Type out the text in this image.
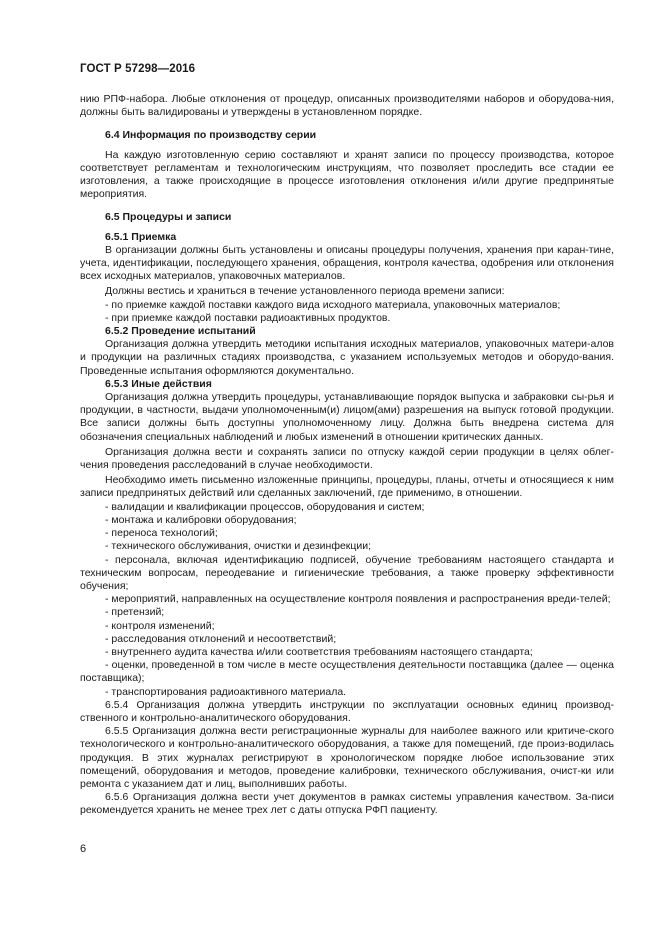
ГОСТ Р 57298—2016

нию РПФ-набора. Любые отклонения от процедур, описанных производителями наборов и оборудова-ния, должны быть валидированы и утверждены в установленном порядке.

6.4 Информация по производству серии

На каждую изготовленную серию составляют и хранят записи по процессу производства, которое соответствует регламентам и технологическим инструкциям, что позволяет проследить все стадии ее изготовления, а также происходящие в процессе изготовления отклонения и/или другие предпринятые мероприятия.

6.5 Процедуры и записи

6.5.1 Приемка

В организации должны быть установлены и описаны процедуры получения, хранения при каран-тине, учета, идентификации, последующего хранения, обращения, контроля качества, одобрения или отклонения всех исходных материалов, упаковочных материалов.

Должны вестись и храниться в течение установленного периода времени записи:

- по приемке каждой поставки каждого вида исходного материала, упаковочных материалов;

- при приемке каждой поставки радиоактивных продуктов.

6.5.2 Проведение испытаний

Организация должна утвердить методики испытания исходных материалов, упаковочных матери-алов и продукции на различных стадиях производства, с указанием используемых методов и оборудо-вания. Проведенные испытания оформляются документально.

6.5.3 Иные действия

Организация должна утвердить процедуры, устанавливающие порядок выпуска и забраковки сы-рья и продукции, в частности, выдачи уполномоченным(и) лицом(ами) разрешения на выпуск готовой продукции. Все записи должны быть доступны уполномоченному лицу. Должна быть внедрена система для обозначения специальных наблюдений и любых изменений в отношении критических данных.

Организация должна вести и сохранять записи по отпуску каждой серии продукции в целях облег-чения проведения расследований в случае необходимости.

Необходимо иметь письменно изложенные принципы, процедуры, планы, отчеты и относящиеся к ним записи предпринятых действий или сделанных заключений, где применимо, в отношении.

- валидации и квалификации процессов, оборудования и систем;

- монтажа и калибровки оборудования;

- переноса технологий;

- технического обслуживания, очистки и дезинфекции;

- персонала, включая идентификацию подписей, обучение требованиям настоящего стандарта и техническим вопросам, переодевание и гигиенические требования, а также проверку эффективности обучения;

- мероприятий, направленных на осуществление контроля появления и распространения вреди-телей;

- претензий;

- контроля изменений;

- расследования отклонений и несоответствий;

- внутреннего аудита качества и/или соответствия требованиям настоящего стандарта;

- оценки, проведенной в том числе в месте осуществления деятельности поставщика (далее — оценка поставщика);

- транспортирования радиоактивного материала.

6.5.4 Организация должна утвердить инструкции по эксплуатации основных единиц производ-ственного и контрольно-аналитического оборудования.

6.5.5 Организация должна вести регистрационные журналы для наиболее важного или критиче-ского технологического и контрольно-аналитического оборудования, а также для помещений, где произ-водилась продукция. В этих журналах регистрируют в хронологическом порядке любое использование этих помещений, оборудования и методов, проведение калибровки, технического обслуживания, очист-ки или ремонта с указанием дат и лиц, выполнивших работы.

6.5.6 Организация должна вести учет документов в рамках системы управления качеством. За-писи рекомендуется хранить не менее трех лет с даты отпуска РФП пациенту.

6
